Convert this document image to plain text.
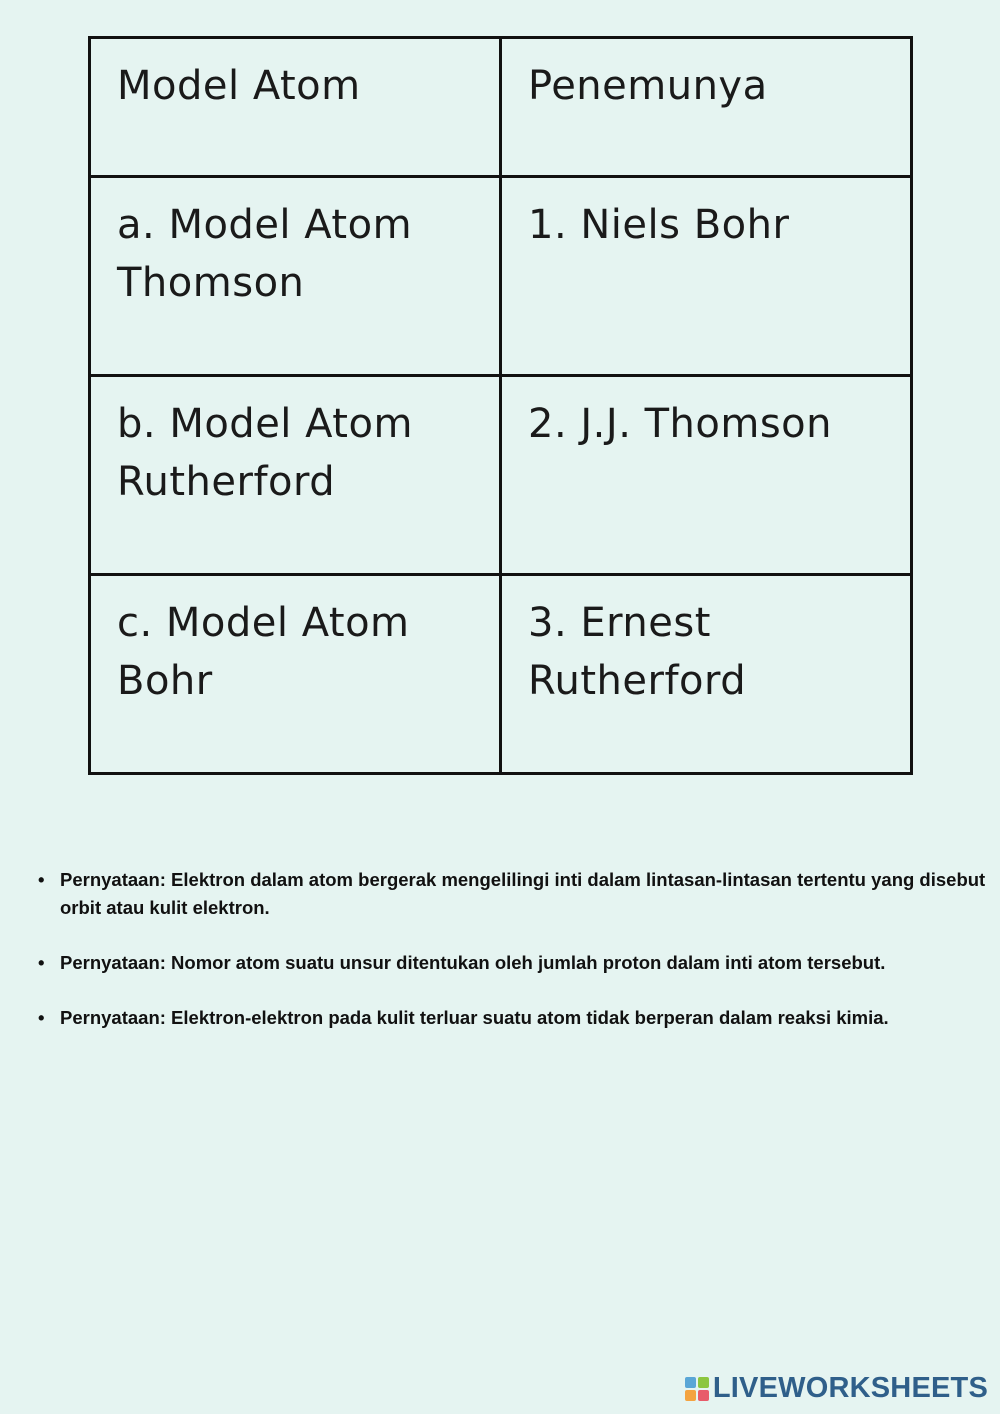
Model Atom	Penemunya
a. Model Atom Thomson	1. Niels Bohr
b. Model Atom Rutherford	2. J.J. Thomson
c. Model Atom Bohr	3. Ernest Rutherford
• Pernyataan: Elektron dalam atom bergerak mengelilingi inti dalam lintasan-lintasan tertentu yang disebut orbit atau kulit elektron.
• Pernyataan: Nomor atom suatu unsur ditentukan oleh jumlah proton dalam inti atom tersebut.
• Pernyataan: Elektron-elektron pada kulit terluar suatu atom tidak berperan dalam reaksi kimia.
LIVEWORKSHEETS
